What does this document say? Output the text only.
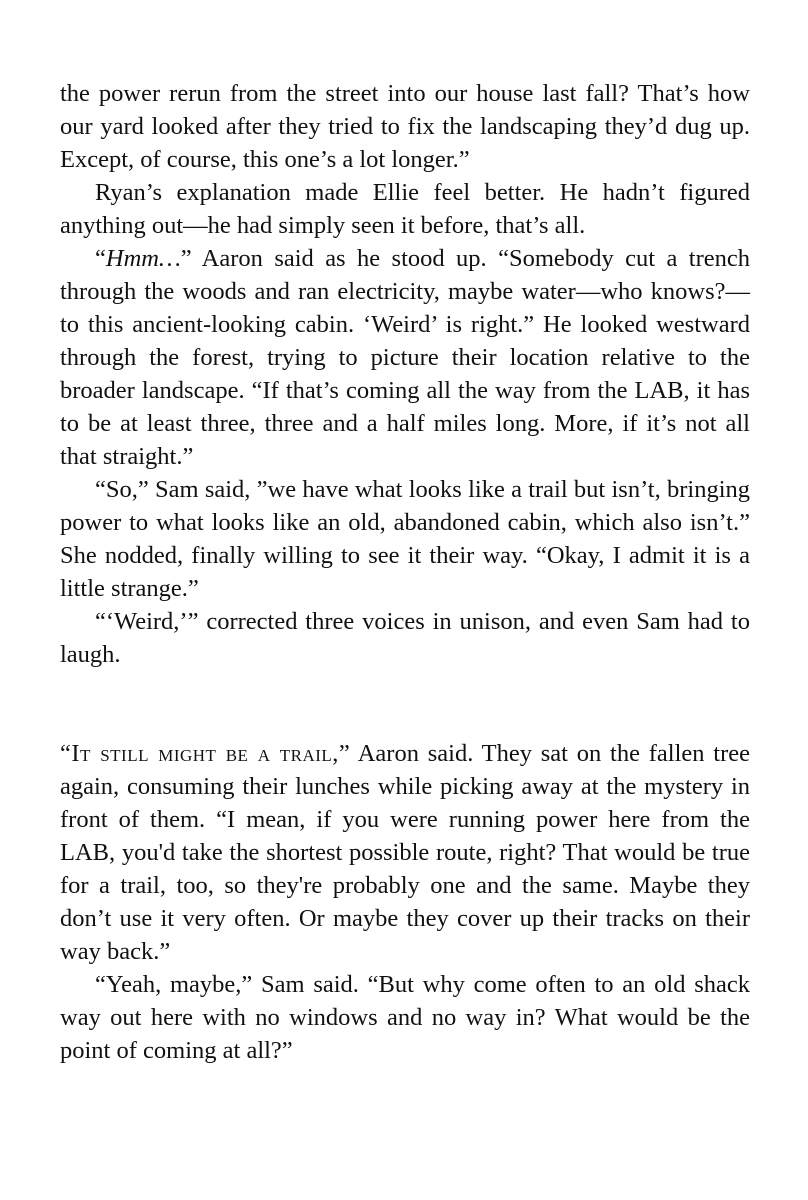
the power rerun from the street into our house last fall? That’s how our yard looked after they tried to fix the landscaping they’d dug up. Except, of course, this one’s a lot longer.”

Ryan’s explanation made Ellie feel better. He hadn’t figured anything out—he had simply seen it before, that’s all.

“Hmm…” Aaron said as he stood up. “Somebody cut a trench through the woods and ran electricity, maybe water—who knows?—to this ancient-looking cabin. ‘Weird’ is right.” He looked westward through the forest, trying to picture their location relative to the broader landscape. “If that’s coming all the way from the LAB, it has to be at least three, three and a half miles long. More, if it’s not all that straight.”

“So,” Sam said, ”we have what looks like a trail but isn’t, bringing power to what looks like an old, abandoned cabin, which also isn’t.” She nodded, finally willing to see it their way. “Okay, I admit it is a little strange.”

“‘Weird,’” corrected three voices in unison, and even Sam had to laugh.

“It still might be a trail,” Aaron said. They sat on the fallen tree again, consuming their lunches while picking away at the mystery in front of them. “I mean, if you were running power here from the LAB, you'd take the shortest possible route, right? That would be true for a trail, too, so they're probably one and the same. Maybe they don’t use it very often. Or maybe they cover up their tracks on their way back.”

“Yeah, maybe,” Sam said. “But why come often to an old shack way out here with no windows and no way in? What would be the point of coming at all?”
